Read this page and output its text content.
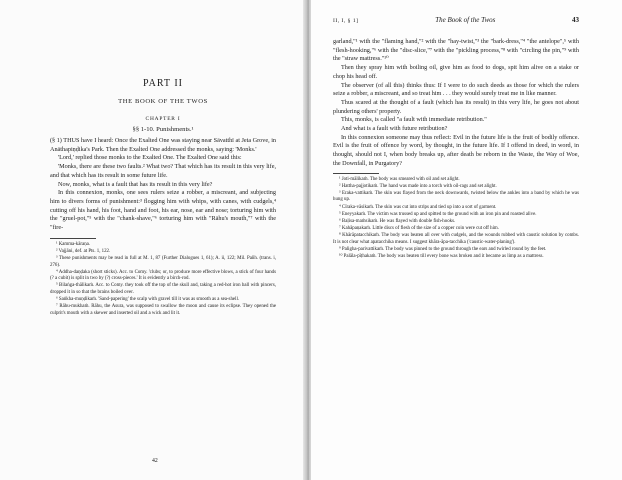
PART II
THE BOOK OF THE TWOS
CHAPTER I
§§ 1-10. Punishments.¹

(§ 1) THUS have I heard: Once the Exalted One was staying near Sāvatthī at Jeta Grove, in Anāthapiṇḍika's Park. Then the Exalted One addressed the monks, saying: 'Monks.'

'Lord,' replied those monks to the Exalted One. The Exalted One said this:

'Monks, there are these two faults.² What two? That which has its result in this very life, and that which has its result in some future life.

Now, monks, what is a fault that has its result in this very life?

In this connexion, monks, one sees rulers seize a robber, a miscreant, and subjecting him to divers forms of punishment:³ flogging him with whips, with canes, with cudgels,⁴ cutting off his hand, his foot, hand and foot, his ear, nose, ear and nose; torturing him with the "gruel-pot,"⁵ with the "chank-shave,"⁶ torturing him with "Rāhu's mouth,"⁷ with the "fire-

¹ Kamma-kāraṇa.

² Vajjāni, def. at Pts. 1, 122.

³ These punishments may be read in full at M. 1, 87 (Further Dialogues 1, 61); A. ii, 122; Mil. Pañh. (trans. i, 276).

⁴ Addha-daṇḍaka (short sticks). Acc. to Comy. 'clubs; or, to produce more effective blows, a stick of four hands (? a cubit) is split in two by (?) cross-pieces.' It is evidently a birch-rod.

⁵ Bilaṅga-thālikaṁ. Acc. to Comy. they took off the top of the skull and, taking a red-hot iron ball with pincers, dropped it in so that the brains boiled over.

⁶ Saṅkha-muṇḍikaṁ. 'Sand-papering' the scalp with gravel till it was as smooth as a sea-shell.

⁷ Rāhu-mukhaṁ. Rāhu, the Asura, was supposed to swallow the moon and cause its eclipse. They opened the culprit's mouth with a skewer and inserted oil and a wick and lit it.

42
II, I, § 1]	The Book of the Twos	43

garland,"¹ with the "flaming hand,"² with the "hay-twist,"³ the "bark-dress,"⁴ "the antelope",⁵ with "flesh-hooking,"⁶ with the "disc-slice,"⁷ with the "pickling process,"⁸ with "circling the pin,"⁹ with the "straw mattress."¹⁰

Then they spray him with boiling oil, give him as food to dogs, spit him alive on a stake or chop his head off.

The observer (of all this) thinks thus: If I were to do such deeds as those for which the rulers seize a robber, a miscreant, and so treat him . . . they would surely treat me in like manner.

Thus scared at the thought of a fault (which has its result) in this very life, he goes not about plundering others' property.

This, monks, is called "a fault with immediate retribution."

And what is a fault with future retribution?

In this connexion someone may thus reflect: Evil in the future life is the fruit of bodily offence. Evil is the fruit of offence by word, by thought, in the future life. If I offend in deed, in word, in thought, should not I, when body breaks up, after death be reborn in the Waste, the Way of Woe, the Downfall, in Purgatory?

¹ Joti-mālikaṁ. The body was smeared with oil and set alight.

² Hattha-pajjotikaṁ. The hand was made into a torch with oil-rags and set alight.

³ Eraka-vattikaṁ. The skin was flayed from the neck downwards, twisted below the ankles into a band by which he was hung up.

⁴ Cīraka-vāsikaṁ. The skin was cut into strips and tied up into a sort of garment.

⁵ Eneyyakaṁ. The victim was trussed up and spitted to the ground with an iron pin and roasted alive.

⁶ Baḷisa-maṁsikaṁ. He was flayed with double fish-hooks.

⁷ Kahāpaṇakaṁ. Little discs of flesh of the size of a copper coin were cut off him.

⁸ Khārāpatacchikaṁ. The body was beaten all over with cudgels, and the wounds rubbed with caustic solution by combs. It is not clear what apatacchika means. I suggest khāra-āpa-tacchika ('caustic-water-planing').

⁹ Paligha-parivattikaṁ. The body was pinned to the ground through the ears and twirled round by the feet.

¹⁰ Palāla-pīṭhakaṁ. The body was beaten till every bone was broken and it became as limp as a mattress.
